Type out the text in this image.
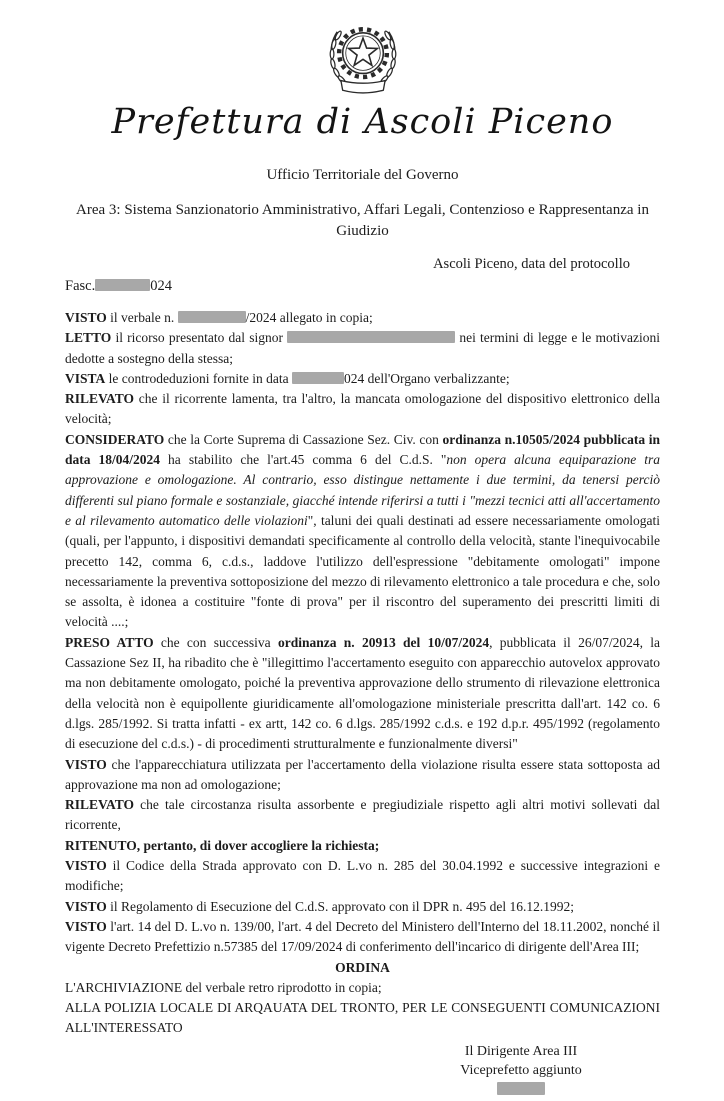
Prefettura di Ascoli Piceno
Ufficio Territoriale del Governo
Area 3: Sistema Sanzionatorio Amministrativo, Affari Legali, Contenzioso e Rappresentanza in
Giudizio
Ascoli Piceno, data del protocollo
Fasc.	024

VISTO il verbale n.	/2024 allegato in copia;

LETTO il ricorso presentato dal signor	nei termini di legge e le motivazioni dedotte a sostegno della stessa;

VISTA le controdeduzioni fornite in data	024 dell'Organo verbalizzante;

RILEVATO che il ricorrente lamenta, tra l'altro, la mancata omologazione del dispositivo elettronico della velocità;

CONSIDERATO che la Corte Suprema di Cassazione Sez. Civ. con ordinanza n.10505/2024 pubblicata in data 18/04/2024 ha stabilito che l'art.45 comma 6 del C.d.S. "non opera alcuna equiparazione tra approvazione e omologazione. Al contrario, esso distingue nettamente i due termini, da tenersi perciò differenti sul piano formale e sostanziale, giacché intende riferirsi a tutti i "mezzi tecnici atti all'accertamento e al rilevamento automatico delle violazioni", taluni dei quali destinati ad essere necessariamente omologati (quali, per l'appunto, i dispositivi demandati specificamente al controllo della velocità, stante l'inequivocabile precetto 142, comma 6, c.d.s., laddove l'utilizzo dell'espressione "debitamente omologati" impone necessariamente la preventiva sottoposizione del mezzo di rilevamento elettronico a tale procedura e che, solo se assolta, è idonea a costituire "fonte di prova" per il riscontro del superamento dei prescritti limiti di velocità ....;

PRESO ATTO che con successiva ordinanza n. 20913 del 10/07/2024, pubblicata il 26/07/2024, la Cassazione Sez II, ha ribadito che è "illegittimo l'accertamento eseguito con apparecchio autovelox approvato ma non debitamente omologato, poiché la preventiva approvazione dello strumento di rilevazione elettronica della velocità non è equipollente giuridicamente all'omologazione ministeriale prescritta dall'art. 142 co. 6 d.lgs. 285/1992. Si tratta infatti - ex artt, 142 co. 6 d.lgs. 285/1992 c.d.s. e 192 d.p.r. 495/1992 (regolamento di esecuzione del c.d.s.) - di procedimenti strutturalmente e funzionalmente diversi"

VISTO che l'apparecchiatura utilizzata per l'accertamento della violazione risulta essere stata sottoposta ad approvazione ma non ad omologazione;

RILEVATO che tale circostanza risulta assorbente e pregiudiziale rispetto agli altri motivi sollevati dal ricorrente,

RITENUTO, pertanto, di dover accogliere la richiesta;

VISTO il Codice della Strada approvato con D. L.vo n. 285 del 30.04.1992 e successive integrazioni e modifiche;

VISTO il Regolamento di Esecuzione del C.d.S. approvato con il DPR n. 495 del 16.12.1992;

VISTO l'art. 14 del D. L.vo n. 139/00, l'art. 4 del Decreto del Ministero dell'Interno del 18.11.2002, nonché il vigente Decreto Prefettizio n.57385 del 17/09/2024 di conferimento dell'incarico di dirigente dell'Area III;

ORDINA

L'ARCHIVIAZIONE del verbale retro riprodotto in copia;

ALLA POLIZIA LOCALE DI ARQAUATA DEL TRONTO, PER LE CONSEGUENTI COMUNICAZIONI ALL'INTERESSATO

Il Dirigente Area III
Viceprefetto aggiunto
